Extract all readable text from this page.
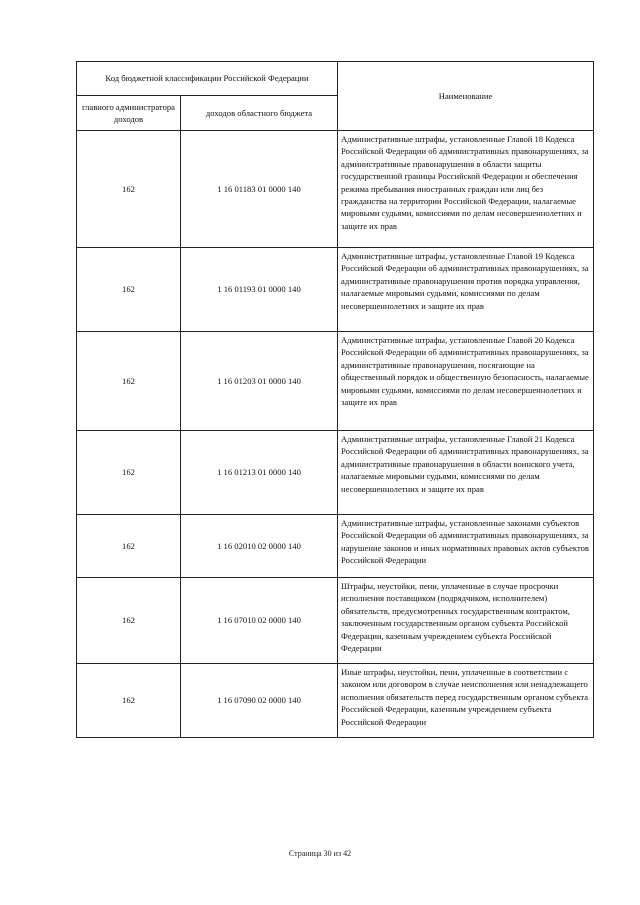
Код бюджетной классификации Российской Федерации		Наименование
главного администратора доходов	доходов областного бюджета	
162	1 16 01183 01 0000 140	Административные штрафы, установленные Главой 18 Кодекса Российской Федерации об административных правонарушениях, за административные правонарушения в области защиты государственной границы Российской Федерации и обеспечения режима пребывания иностранных граждан или лиц без гражданства на территории Российской Федерации, налагаемые мировыми судьями, комиссиями по делам несовершеннолетних и защите их прав
162	1 16 01193 01 0000 140	Административные штрафы, установленные Главой 19 Кодекса Российской Федерации об административных правонарушениях, за административные правонарушения против порядка управления, налагаемые мировыми судьями, комиссиями по делам несовершеннолетних и защите их прав
162	1 16 01203 01 0000 140	Административные штрафы, установленные Главой 20 Кодекса Российской Федерации об административных правонарушениях, за административные правонарушения, посягающие на общественный порядок и общественную безопасность, налагаемые мировыми судьями, комиссиями по делам несовершеннолетних и защите их прав
162	1 16 01213 01 0000 140	Административные штрафы, установленные Главой 21 Кодекса Российской Федерации об административных правонарушениях, за административные правонарушения в области воинского учета, налагаемые мировыми судьями, комиссиями по делам несовершеннолетних и защите их прав
162	1 16 02010 02 0000 140	Административные штрафы, установленные законами субъектов Российской Федерации об административных правонарушениях, за нарушение законов и иных нормативных правовых актов субъектов Российской Федерации
162	1 16 07010 02 0000 140	Штрафы, неустойки, пени, уплаченные в случае просрочки исполнения поставщиком (подрядчиком, исполнителем) обязательств, предусмотренных государственным контрактом, заключенным государственным органом субъекта Российской Федерации, казенным учреждением субъекта Российской Федерации
162	1 16 07090 02 0000 140	Иные штрафы, неустойки, пени, уплаченные в соответствии с законом или договором в случае неисполнения или ненадлежащего исполнения обязательств перед государственным органом субъекта Российской Федерации, казенным учреждением субъекта Российской Федерации
Страница 30 из 42
